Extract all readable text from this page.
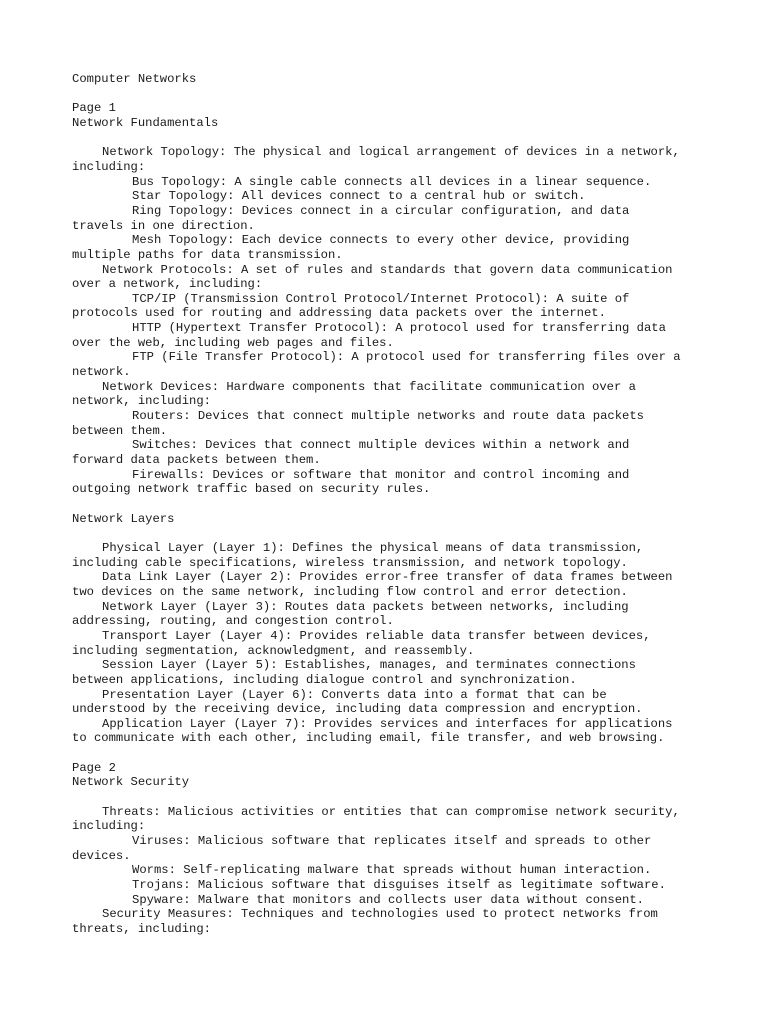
Computer Networks
Page 1
Network Fundamentals
Network Topology: The physical and logical arrangement of devices in a network,
including:
Bus Topology: A single cable connects all devices in a linear sequence.
Star Topology: All devices connect to a central hub or switch.
Ring Topology: Devices connect in a circular configuration, and data
travels in one direction.
Mesh Topology: Each device connects to every other device, providing
multiple paths for data transmission.
Network Protocols: A set of rules and standards that govern data communication
over a network, including:
TCP/IP (Transmission Control Protocol/Internet Protocol): A suite of
protocols used for routing and addressing data packets over the internet.
HTTP (Hypertext Transfer Protocol): A protocol used for transferring data
over the web, including web pages and files.
FTP (File Transfer Protocol): A protocol used for transferring files over a
network.
Network Devices: Hardware components that facilitate communication over a
network, including:
Routers: Devices that connect multiple networks and route data packets
between them.
Switches: Devices that connect multiple devices within a network and
forward data packets between them.
Firewalls: Devices or software that monitor and control incoming and
outgoing network traffic based on security rules.
Network Layers
Physical Layer (Layer 1): Defines the physical means of data transmission,
including cable specifications, wireless transmission, and network topology.
Data Link Layer (Layer 2): Provides error-free transfer of data frames between
two devices on the same network, including flow control and error detection.
Network Layer (Layer 3): Routes data packets between networks, including
addressing, routing, and congestion control.
Transport Layer (Layer 4): Provides reliable data transfer between devices,
including segmentation, acknowledgment, and reassembly.
Session Layer (Layer 5): Establishes, manages, and terminates connections
between applications, including dialogue control and synchronization.
Presentation Layer (Layer 6): Converts data into a format that can be
understood by the receiving device, including data compression and encryption.
Application Layer (Layer 7): Provides services and interfaces for applications
to communicate with each other, including email, file transfer, and web browsing.
Page 2
Network Security
Threats: Malicious activities or entities that can compromise network security,
including:
Viruses: Malicious software that replicates itself and spreads to other
devices.
Worms: Self-replicating malware that spreads without human interaction.
Trojans: Malicious software that disguises itself as legitimate software.
Spyware: Malware that monitors and collects user data without consent.
Security Measures: Techniques and technologies used to protect networks from
threats, including:
